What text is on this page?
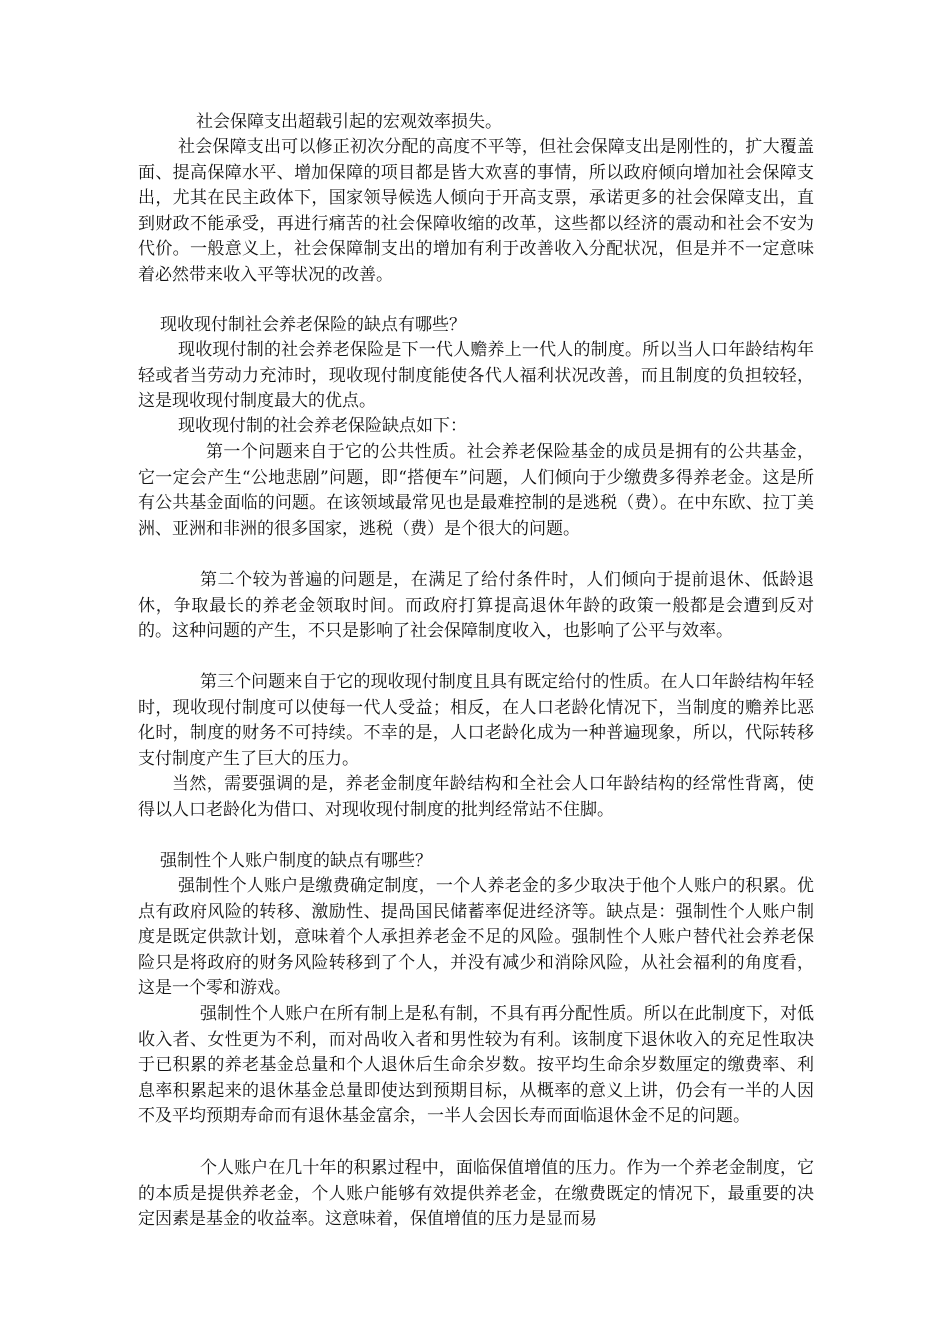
社会保障支出超载引起的宏观效率损失。

社会保障支出可以修正初次分配的高度不平等，但社会保障支出是刚性的，扩大覆盖面、提高保障水平、增加保障的项目都是皆大欢喜的事情，所以政府倾向增加社会保障支出，尤其在民主政体下，国家领导候选人倾向于开高支票，承诺更多的社会保障支出，直到财政不能承受，再进行痛苦的社会保障收缩的改革，这些都以经济的震动和社会不安为代价。一般意义上，社会保障制支出的增加有利于改善收入分配状况，但是并不一定意味着必然带来收入平等状况的改善。

现收现付制社会养老保险的缺点有哪些？

现收现付制的社会养老保险是下一代人赡养上一代人的制度。所以当人口年龄结构年轻或者当劳动力充沛时，现收现付制度能使各代人福利状况改善，而且制度的负担较轻，这是现收现付制度最大的优点。

现收现付制的社会养老保险缺点如下：

第一个问题来自于它的公共性质。社会养老保险基金的成员是拥有的公共基金，它一定会产生“公地悲剧”问题，即“搭便车”问题，人们倾向于少缴费多得养老金。这是所有公共基金面临的问题。在该领域最常见也是最难控制的是逃税（费）。在中东欧、拉丁美洲、亚洲和非洲的很多国家，逃税（费）是个很大的问题。

第二个较为普遍的问题是，在满足了给付条件时，人们倾向于提前退休、低龄退休，争取最长的养老金领取时间。而政府打算提高退休年龄的政策一般都是会遭到反对的。这种问题的产生，不只是影响了社会保障制度收入，也影响了公平与效率。

第三个问题来自于它的现收现付制度且具有既定给付的性质。在人口年龄结构年轻时，现收现付制度可以使每一代人受益；相反，在人口老龄化情况下，当制度的赡养比恶化时，制度的财务不可持续。不幸的是，人口老龄化成为一种普遍现象，所以，代际转移支付制度产生了巨大的压力。

当然，需要强调的是，养老金制度年龄结构和全社会人口年龄结构的经常性背离，使得以人口老龄化为借口、对现收现付制度的批判经常站不住脚。

强制性个人账户制度的缺点有哪些？

强制性个人账户是缴费确定制度，一个人养老金的多少取决于他个人账户的积累。优点有政府风险的转移、激励性、提咼国民储蓄率促进经济等。缺点是：强制性个人账户制度是既定供款计划，意味着个人承担养老金不足的风险。强制性个人账户替代社会养老保险只是将政府的财务风险转移到了个人，并没有减少和消除风险，从社会福利的角度看，这是一个零和游戏。

强制性个人账户在所有制上是私有制，不具有再分配性质。所以在此制度下，对低收入者、女性更为不利，而对咼收入者和男性较为有利。该制度下退休收入的充足性取决于已积累的养老基金总量和个人退休后生命余岁数。按平均生命余岁数厘定的缴费率、利息率积累起来的退休基金总量即使达到预期目标，从概率的意义上讲，仍会有一半的人因不及平均预期寿命而有退休基金富余，一半人会因长寿而面临退休金不足的问题。

个人账户在几十年的积累过程中，面临保值增值的压力。作为一个养老金制度，它的本质是提供养老金，个人账户能够有效提供养老金，在缴费既定的情况下，最重要的决定因素是基金的收益率。这意味着，保值增值的压力是显而易
